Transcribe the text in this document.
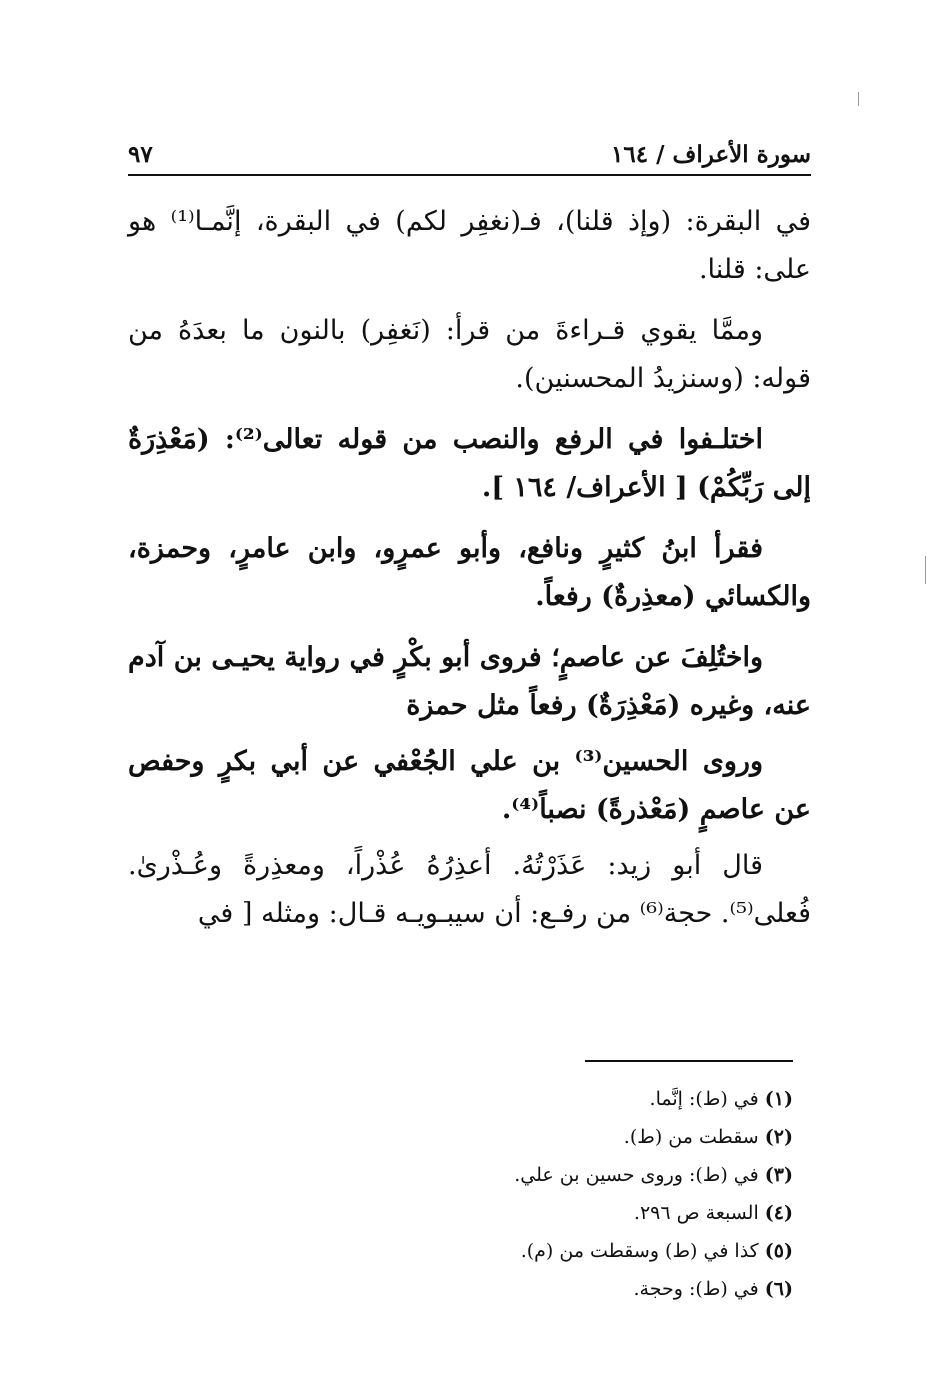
سورة الأعراف / ١٦٤
٩٧

في البقرة: (وإذ قلنا)، فـ(نغفِر لكم) في البقرة، إنَّمـا⁽¹⁾ هو على: قلنا.

وممَّا يقوي قـراءةَ من قرأ: (نَغفِر) بالنون ما بعدَهُ من قوله: (وسنزيدُ المحسنين).

اختلـفوا في الرفع والنصب من قوله تعالى⁽²⁾: (مَعْذِرَةٌ إلى رَبِّكُمْ) [ الأعراف/ ١٦٤ ].

فقرأ ابنُ كثيرٍ ونافع، وأبو عمرٍو، وابن عامرٍ، وحمزة، والكسائي (معذِرةٌ) رفعاً.

واختُلِفَ عن عاصمٍ؛ فروى أبو بكْرٍ في رواية يحيـى بن آدم عنه، وغيره (مَعْذِرَةٌ) رفعاً مثل حمزة

وروى الحسين⁽³⁾ بن علي الجُعْفي عن أبي بكرٍ وحفص عن عاصمٍ (مَعْذرةً) نصباً⁽⁴⁾.

قال أبو زيد: عَذَرْتُهُ. أعذِرُهُ عُذْراً، ومعذِرةً وعُـذْرىٰ. فُعلى⁽⁵⁾. حجة⁽⁶⁾ من رفـع: أن سيبـويـه قـال: ومثله [ في

(١) في (ط): إنَّما.
(٢) سقطت من (ط).
(٣) في (ط): وروى حسين بن علي.
(٤) السبعة ص ٢٩٦.
(٥) كذا في (ط) وسقطت من (م).
(٦) في (ط): وحجة.
